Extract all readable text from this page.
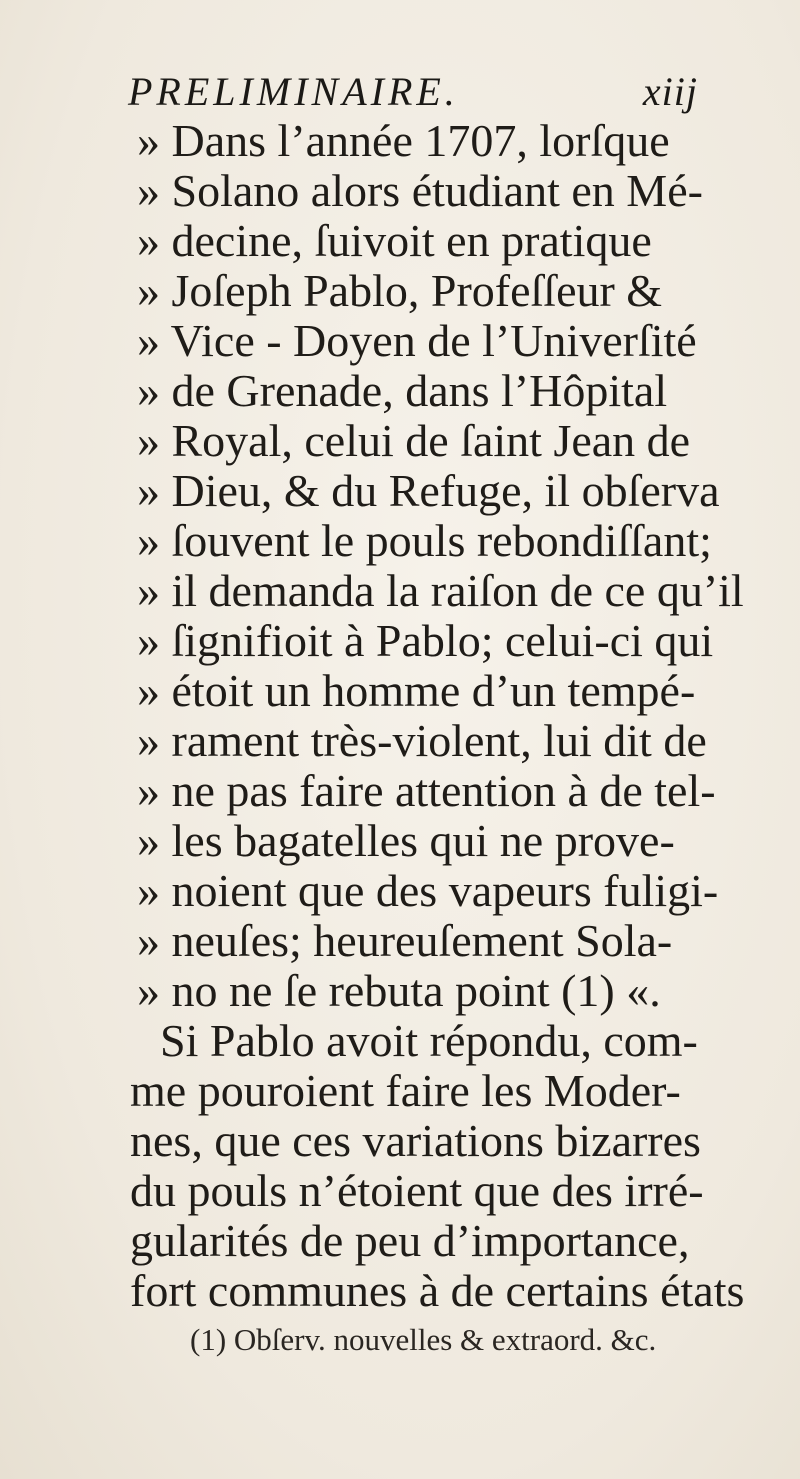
PRELIMINAIRE.	xiij
» Dans l’année 1707, lorſque
» Solano alors étudiant en Mé-
» decine, ſuivoit en pratique
» Joſeph Pablo, Profeſſeur &
» Vice - Doyen de l’Univerſité
» de Grenade, dans l’Hôpital
» Royal, celui de ſaint Jean de
» Dieu, & du Refuge, il obſerva
» ſouvent le pouls rebondiſſant;
» il demanda la raiſon de ce qu’il
» ſignifioit à Pablo; celui-ci qui
» étoit un homme d’un tempé-
» rament très-violent, lui dit de
» ne pas faire attention à de tel-
» les bagatelles qui ne prove-
» noient que des vapeurs fuligi-
» neuſes; heureuſement Sola-
» no ne ſe rebuta point (1) «.
Si Pablo avoit répondu, com-
me pouroient faire les Moder-
nes, que ces variations bizarres
du pouls n’étoient que des irré-
gularités de peu d’importance,
fort communes à de certains états
(1) Obſerv. nouvelles & extraord. &c.
